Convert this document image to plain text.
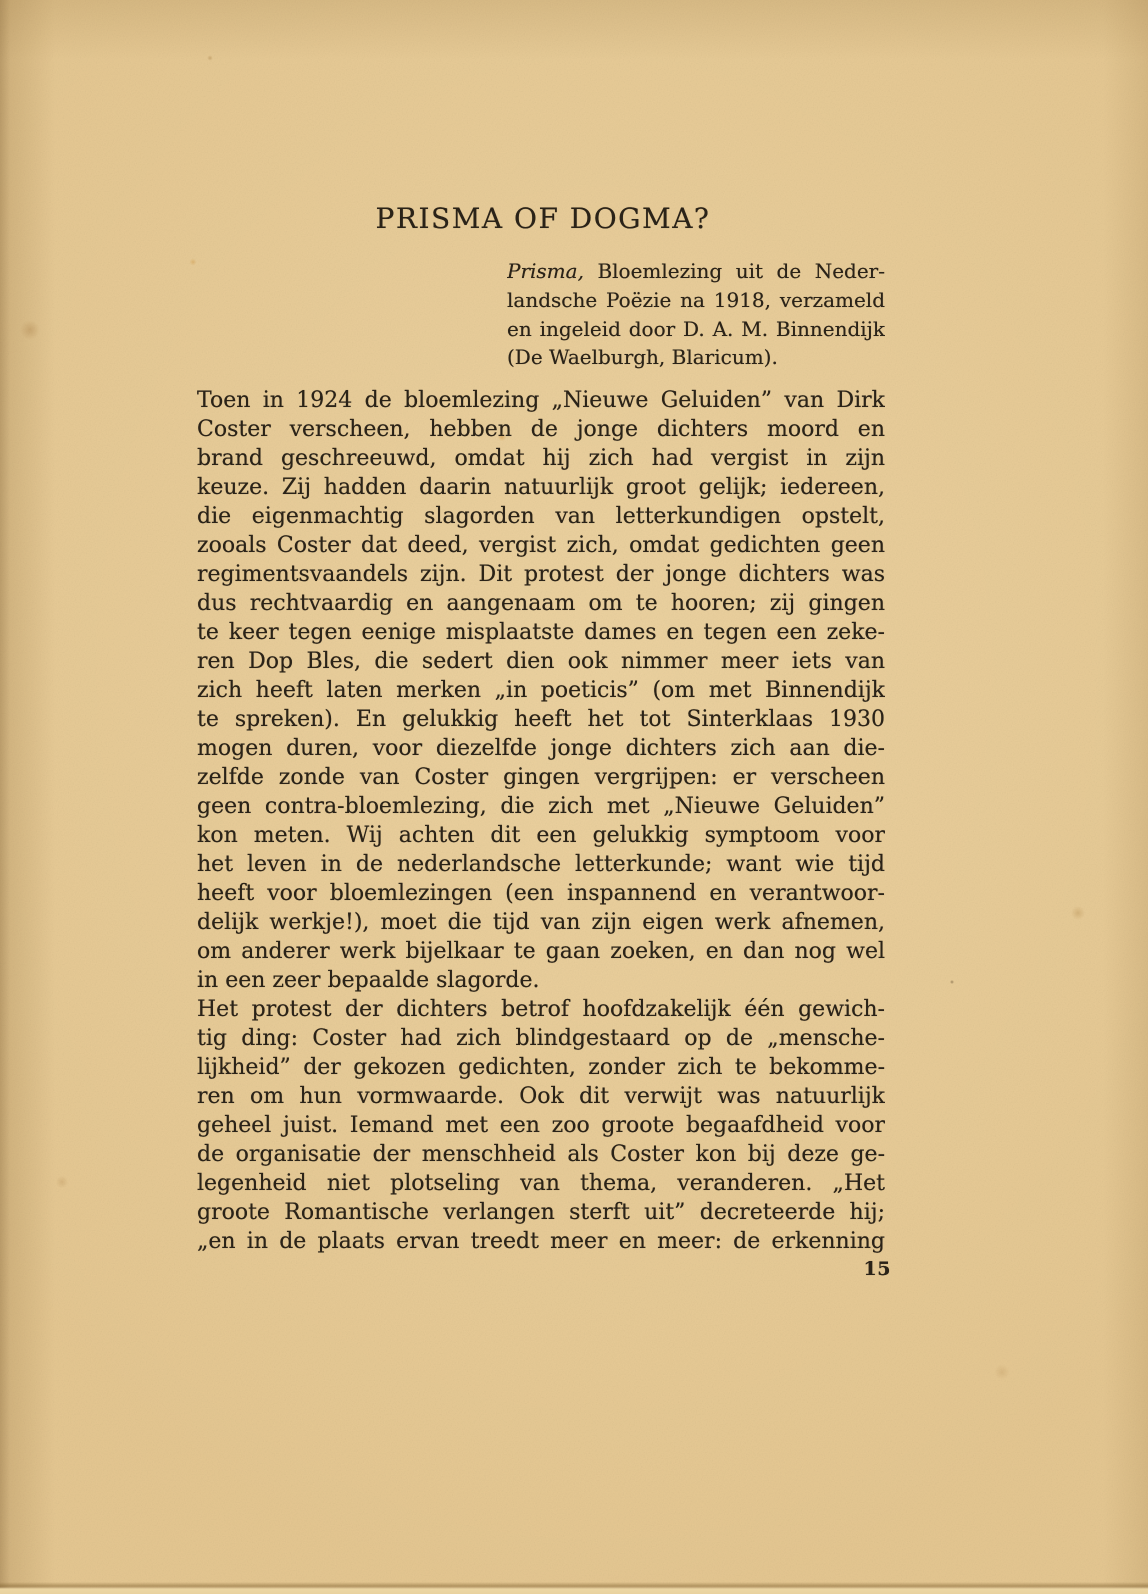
PRISMA OF DOGMA?
Prisma, Bloemlezing uit de Neder-
landsche Poëzie na 1918, verzameld
en ingeleid door D. A. M. Binnendijk
(De Waelburgh, Blaricum).
Toen in 1924 de bloemlezing „Nieuwe Geluiden” van Dirk
Coster verscheen, hebben de jonge dichters moord en
brand geschreeuwd, omdat hij zich had vergist in zijn
keuze. Zij hadden daarin natuurlijk groot gelijk; iedereen,
die eigenmachtig slagorden van letterkundigen opstelt,
zooals Coster dat deed, vergist zich, omdat gedichten geen
regimentsvaandels zijn. Dit protest der jonge dichters was
dus rechtvaardig en aangenaam om te hooren; zij gingen
te keer tegen eenige misplaatste dames en tegen een zeke-
ren Dop Bles, die sedert dien ook nimmer meer iets van
zich heeft laten merken „in poeticis” (om met Binnendijk
te spreken). En gelukkig heeft het tot Sinterklaas 1930
mogen duren, voor diezelfde jonge dichters zich aan die-
zelfde zonde van Coster gingen vergrijpen: er verscheen
geen contra-bloemlezing, die zich met „Nieuwe Geluiden”
kon meten. Wij achten dit een gelukkig symptoom voor
het leven in de nederlandsche letterkunde; want wie tijd
heeft voor bloemlezingen (een inspannend en verantwoor-
delijk werkje!), moet die tijd van zijn eigen werk afnemen,
om anderer werk bijelkaar te gaan zoeken, en dan nog wel
in een zeer bepaalde slagorde.
Het protest der dichters betrof hoofdzakelijk één gewich-
tig ding: Coster had zich blindgestaard op de „mensche-
lijkheid” der gekozen gedichten, zonder zich te bekomme-
ren om hun vormwaarde. Ook dit verwijt was natuurlijk
geheel juist. Iemand met een zoo groote begaafdheid voor
de organisatie der menschheid als Coster kon bij deze ge-
legenheid niet plotseling van thema, veranderen. „Het
groote Romantische verlangen sterft uit” decreteerde hij;
„en in de plaats ervan treedt meer en meer: de erkenning
15
